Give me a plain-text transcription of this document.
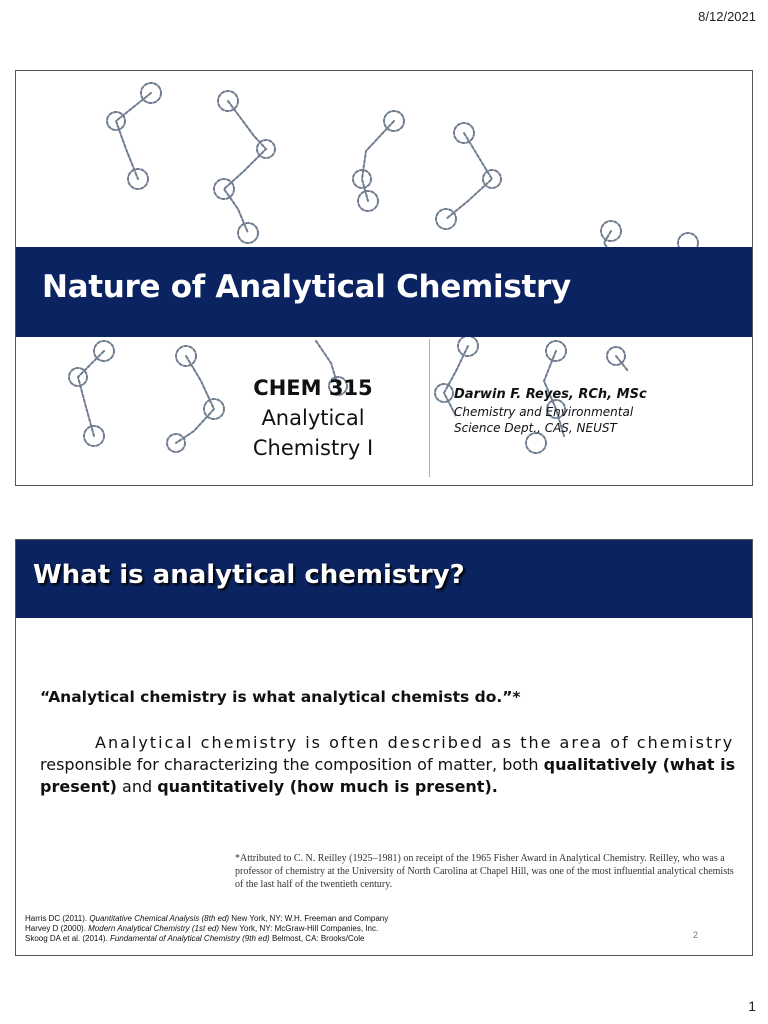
8/12/2021
Nature of Analytical Chemistry
CHEM 315
Analytical
Chemistry I
Darwin F. Reyes, RCh, MSc
Chemistry and Environmental
Science Dept., CAS, NEUST
What is analytical chemistry?
“Analytical chemistry is what analytical chemists do.”*
Analytical chemistry is often described as the area of chemistry
responsible for characterizing the composition of matter, both qualitatively (what is present) and quantitatively (how much is present).
*Attributed to C. N. Reilley (1925–1981) on receipt of the 1965 Fisher Award in Analytical Chemistry. Reilley, who was a professor of chemistry at the University of North Carolina at Chapel Hill, was one of the most influential analytical chemists of the last half of the twentieth century.
Harris DC (2011). Quantitative Chemical Analysis (8th ed) New York, NY: W.H. Freeman and Company
Harvey D (2000). Modern Analytical Chemistry (1st ed) New York, NY: McGraw-Hill Companies, Inc.
Skoog DA et al. (2014). Fundamental of Analytical Chemistry (9th ed) Belmost, CA: Brooks/Cole	2
1
